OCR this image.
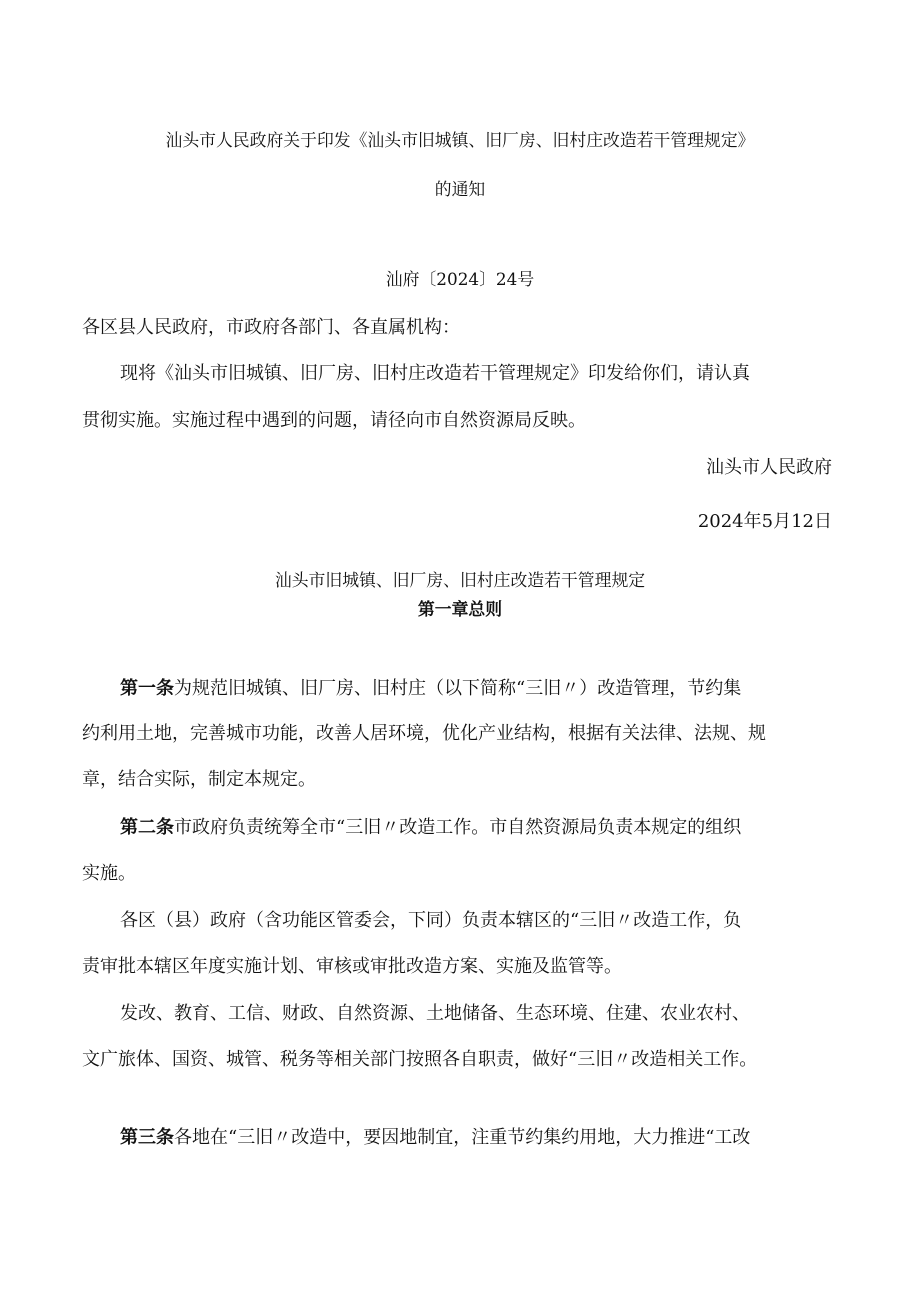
汕头市人民政府关于印发《汕头市旧城镇、旧厂房、旧村庄改造若干管理规定》

的通知

汕府〔2024〕24号

各区县人民政府，市政府各部门、各直属机构：

现将《汕头市旧城镇、旧厂房、旧村庄改造若干管理规定》印发给你们，请认真

贯彻实施。实施过程中遇到的问题，请径向市自然资源局反映。

汕头市人民政府

2024年5月12日

汕头市旧城镇、旧厂房、旧村庄改造若干管理规定

第一章总则

第一条为规范旧城镇、旧厂房、旧村庄（以下简称“三旧〃）改造管理，节约集

约利用土地，完善城市功能，改善人居环境，优化产业结构，根据有关法律、法规、规

章，结合实际，制定本规定。

第二条市政府负责统筹全市“三旧〃改造工作。市自然资源局负责本规定的组织

实施。

各区（县）政府（含功能区管委会，下同）负责本辖区的“三旧〃改造工作，负

责审批本辖区年度实施计划、审核或审批改造方案、实施及监管等。

发改、教育、工信、财政、自然资源、土地储备、生态环境、住建、农业农村、

文广旅体、国资、城管、税务等相关部门按照各自职责，做好“三旧〃改造相关工作。

第三条各地在“三旧〃改造中，要因地制宜，注重节约集约用地，大力推进“工改
